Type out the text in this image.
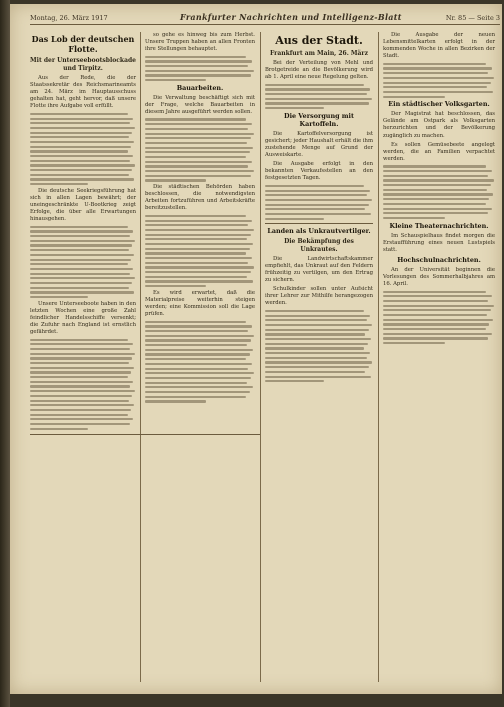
Montag, 26. März 1917	Frankfurter Nachrichten und Intelligenz-Blatt	Nr. 85 — Seite 3
Das Lob der deutschen Flotte.
Mit der Unterseebootsblockade und Tirpitz.

Aus der Rede, die der Staatssekretär des Reichsmarineamts am 24. März im Hauptausschuss gehalten hat, geht hervor, daß unsere Flotte ihre Aufgabe voll erfüllt.

Die deutsche Seekriegsführung hat sich in allen Lagen bewährt; der uneingeschränkte U-Bootkrieg zeigt Erfolge, die über alle Erwartungen hinausgehen.

Unsere Unterseeboote haben in den letzten Wochen eine große Zahl feindlicher Handelsschiffe versenkt; die Zufuhr nach England ist ernstlich gefährdet.

so gehe es hinweg bis zum Herbst. Unsere Truppen haben an allen Fronten ihre Stellungen behauptet.

Bauarbeiten.

Die Verwaltung beschäftigt sich mit der Frage, welche Bauarbeiten in diesem Jahre ausgeführt werden sollen.

Die städtischen Behörden haben beschlossen, die notwendigsten Arbeiten fortzuführen und Arbeitskräfte bereitzustellen.

Es wird erwartet, daß die Materialpreise weiterhin steigen werden; eine Kommission soll die Lage prüfen.

Aus der Stadt.
Frankfurt am Main, 26. März

Bei der Verteilung von Mehl und Brotgetreide an die Bevölkerung wird ab 1. April eine neue Regelung gelten.

Die Versorgung mit Kartoffeln.

Die Kartoffelversorgung ist gesichert; jeder Haushalt erhält die ihm zustehende Menge auf Grund der Ausweiskarte.

Die Ausgabe erfolgt in den bekannten Verkaufsstellen an den festgesetzten Tagen.

Landen als Unkrautvertilger.
Die Bekämpfung des Unkrautes.

Die Landwirtschaftskammer empfiehlt, das Unkraut auf den Feldern frühzeitig zu vertilgen, um den Ertrag zu sichern.

Schulkinder sollen unter Aufsicht ihrer Lehrer zur Mithilfe herangezogen werden.

Die Ausgabe der neuen Lebensmittelkarten erfolgt in der kommenden Woche in allen Bezirken der Stadt.

Ein städtischer Volksgarten.

Der Magistrat hat beschlossen, das Gelände am Ostpark als Volksgarten herzurichten und der Bevölkerung zugänglich zu machen.

Es sollen Gemüsebeete angelegt werden, die an Familien verpachtet werden.

Kleine Theaternachrichten.

Im Schauspielhaus findet morgen die Erstaufführung eines neuen Lustspiels statt.

Hochschulnachrichten.

An der Universität beginnen die Vorlesungen des Sommerhalbjahres am 16. April.
